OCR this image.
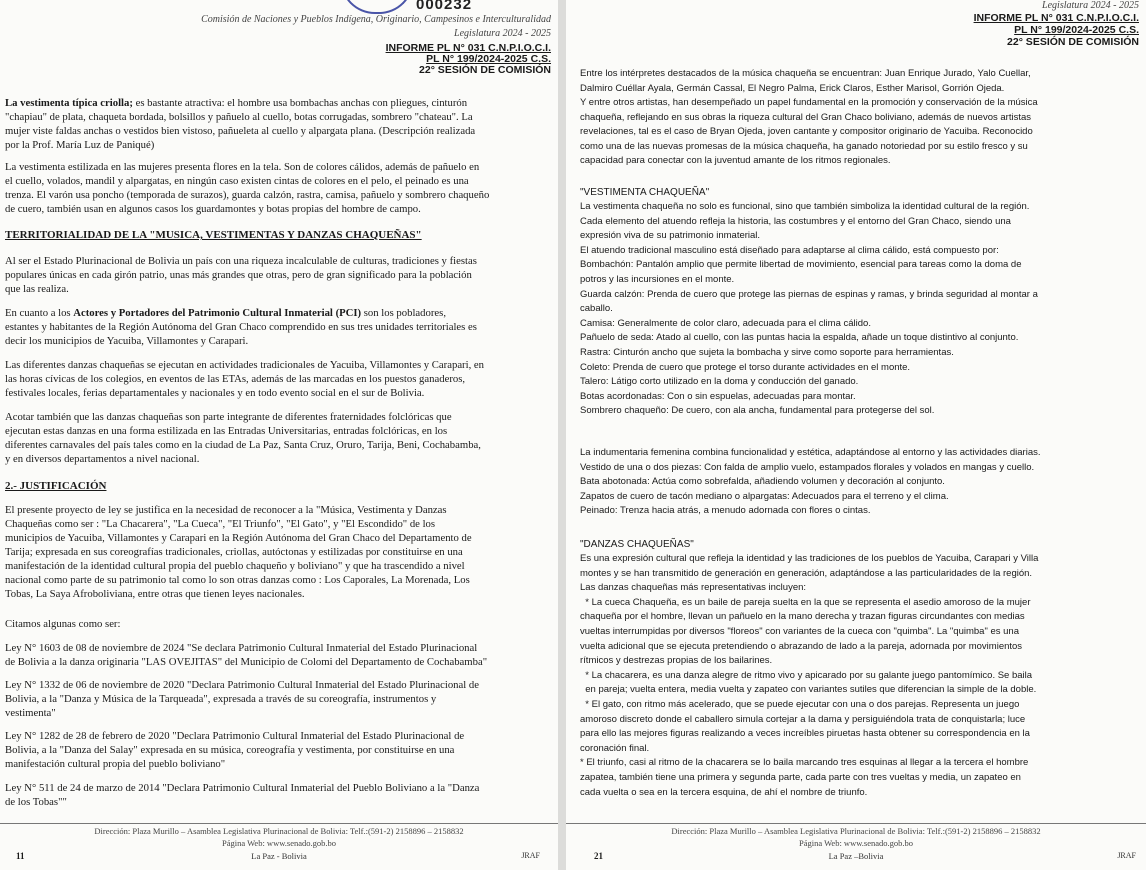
000232
Comisión de Naciones y Pueblos Indígena, Originario, Campesinos e Interculturalidad
Legislatura 2024 - 2025
INFORME PL N° 031 C.N.P.I.O.C.I.
PL N° 199/2024-2025 C.S.
22° SESIÓN DE COMISIÓN
La vestimenta típica criolla; es bastante atractiva: el hombre usa bombachas anchas con pliegues, cinturón
"chapiau" de plata, chaqueta bordada, bolsillos y pañuelo al cuello, botas corrugadas, sombrero "chateau". La
mujer viste faldas anchas o vestidos bien vistoso, pañueleta al cuello y alpargata plana. (Descripción realizada
por la Prof. María Luz de Paniqué)
La vestimenta estilizada en las mujeres presenta flores en la tela. Son de colores cálidos, además de pañuelo en
el cuello, volados, mandil y alpargatas, en ningún caso existen cintas de colores en el pelo, el peinado es una
trenza. El varón usa poncho (temporada de surazos), guarda calzón, rastra, camisa, pañuelo y sombrero chaqueño
de cuero, también usan en algunos casos los guardamontes y botas propias del hombre de campo.
TERRITORIALIDAD DE LA "MUSICA, VESTIMENTAS Y DANZAS CHAQUEÑAS"
Al ser el Estado Plurinacional de Bolivia un país con una riqueza incalculable de culturas, tradiciones y fiestas
populares únicas en cada girón patrio, unas más grandes que otras, pero de gran significado para la población
que las realiza.
En cuanto a los Actores y Portadores del Patrimonio Cultural Inmaterial (PCI) son los pobladores,
estantes y habitantes de la Región Autónoma del Gran Chaco comprendido en sus tres unidades territoriales es
decir los municipios de Yacuiba, Villamontes y Carapari.
Las diferentes danzas chaqueñas se ejecutan en actividades tradicionales de Yacuiba, Villamontes y Carapari, en
las horas cívicas de los colegios, en eventos de las ETAs, además de las marcadas en los puestos ganaderos,
festivales locales, ferias departamentales y nacionales y en todo evento social en el sur de Bolivia.
Acotar también que las danzas chaqueñas son parte integrante de diferentes fraternidades folclóricas que
ejecutan estas danzas en una forma estilizada en las Entradas Universitarias, entradas folclóricas, en los
diferentes carnavales del país tales como en la ciudad de La Paz, Santa Cruz, Oruro, Tarija, Beni, Cochabamba,
y en diversos departamentos a nivel nacional.
2.- JUSTIFICACIÓN
El presente proyecto de ley se justifica en la necesidad de reconocer a la "Música, Vestimenta y Danzas
Chaqueñas como ser : "La Chacarera", "La Cueca", "El Triunfo", "El Gato", y "El Escondido" de los
municipios de Yacuiba, Villamontes y Carapari en la Región Autónoma del Gran Chaco del Departamento de
Tarija; expresada en sus coreografías tradicionales, criollas, autóctonas y estilizadas por constituirse en una
manifestación de la identidad cultural propia del pueblo chaqueño y boliviano" y que ha trascendido a nivel
nacional como parte de su patrimonio tal como lo son otras danzas como : Los Caporales, La Morenada, Los
Tobas, La Saya Afroboliviana, entre otras que tienen leyes nacionales.
Citamos algunas como ser:
Ley N° 1603 de 08 de noviembre de 2024 "Se declara Patrimonio Cultural Inmaterial del Estado Plurinacional
de Bolivia a la danza originaria "LAS OVEJITAS" del Municipio de Colomi del Departamento de Cochabamba"
Ley N° 1332 de 06 de noviembre de 2020 "Declara Patrimonio Cultural Inmaterial del Estado Plurinacional de
Bolivia, a la "Danza y Música de la Tarqueada", expresada a través de su coreografía, instrumentos y
vestimenta"
Ley N° 1282 de 28 de febrero de 2020 "Declara Patrimonio Cultural Inmaterial del Estado Plurinacional de
Bolivia, a la "Danza del Salay" expresada en su música, coreografía y vestimenta, por constituirse en una
manifestación cultural propia del pueblo boliviano"
Ley N° 511 de 24 de marzo de 2014 "Declara Patrimonio Cultural Inmaterial del Pueblo Boliviano a la "Danza
de los Tobas""
Dirección: Plaza Murillo – Asamblea Legislativa Plurinacional de Bolivia: Telf.:(591-2) 2158896 – 2158832
Página Web: www.senado.gob.bo
La Paz - Bolivia
11	JRAF
Legislatura 2024 - 2025
INFORME PL N° 031 C.N.P.I.O.C.I.
PL N° 199/2024-2025 C.S.
22° SESIÓN DE COMISIÓN
Entre los intérpretes destacados de la música chaqueña se encuentran: Juan Enrique Jurado, Yalo Cuellar,
Dalmiro Cuéllar Ayala, Germán Cassal, El Negro Palma, Erick Claros, Esther Marisol, Gorrión Ojeda.
Y entre otros artistas, han desempeñado un papel fundamental en la promoción y conservación de la música
chaqueña, reflejando en sus obras la riqueza cultural del Gran Chaco boliviano, además de nuevos artistas
revelaciones, tal es el caso de Bryan Ojeda, joven cantante y compositor originario de Yacuiba. Reconocido
como una de las nuevas promesas de la música chaqueña, ha ganado notoriedad por su estilo fresco y su
capacidad para conectar con la juventud amante de los ritmos regionales.
"VESTIMENTA CHAQUEÑA"
La vestimenta chaqueña no solo es funcional, sino que también simboliza la identidad cultural de la región.
Cada elemento del atuendo refleja la historia, las costumbres y el entorno del Gran Chaco, siendo una
expresión viva de su patrimonio inmaterial.
El atuendo tradicional masculino está diseñado para adaptarse al clima cálido, está compuesto por:
Bombachón: Pantalón amplio que permite libertad de movimiento, esencial para tareas como la doma de
potros y las incursiones en el monte.
Guarda calzón: Prenda de cuero que protege las piernas de espinas y ramas, y brinda seguridad al montar a
caballo.
Camisa: Generalmente de color claro, adecuada para el clima cálido.
Pañuelo de seda: Atado al cuello, con las puntas hacia la espalda, añade un toque distintivo al conjunto.
Rastra: Cinturón ancho que sujeta la bombacha y sirve como soporte para herramientas.
Coleto: Prenda de cuero que protege el torso durante actividades en el monte.
Talero: Látigo corto utilizado en la doma y conducción del ganado.
Botas acordonadas: Con o sin espuelas, adecuadas para montar.
Sombrero chaqueño: De cuero, con ala ancha, fundamental para protegerse del sol.
La indumentaria femenina combina funcionalidad y estética, adaptándose al entorno y las actividades diarias.
Vestido de una o dos piezas: Con falda de amplio vuelo, estampados florales y volados en mangas y cuello.
Bata abotonada: Actúa como sobrefalda, añadiendo volumen y decoración al conjunto.
Zapatos de cuero de tacón mediano o alpargatas: Adecuados para el terreno y el clima.
Peinado: Trenza hacia atrás, a menudo adornada con flores o cintas.
"DANZAS CHAQUEÑAS"
Es una expresión cultural que refleja la identidad y las tradiciones de los pueblos de Yacuiba, Carapari y Villa
montes y se han transmitido de generación en generación, adaptándose a las particularidades de la región.
Las danzas chaqueñas más representativas incluyen:
* La cueca Chaqueña, es un baile de pareja suelta en la que se representa el asedio amoroso de la mujer
chaqueña por el hombre, llevan un pañuelo en la mano derecha y trazan figuras circundantes con medias
vueltas interrumpidas por diversos "floreos" con variantes de la cueca con "quimba". La "quimba" es una
vuelta adicional que se ejecuta pretendiendo o abrazando de lado a la pareja, adornada por movimientos
rítmicos y destrezas propias de los bailarines.
* La chacarera, es una danza alegre de ritmo vivo y apicarado por su galante juego pantomímico. Se baila
en pareja; vuelta entera, media vuelta y zapateo con variantes sutiles que diferencian la simple de la doble.
* El gato, con ritmo más acelerado, que se puede ejecutar con una o dos parejas. Representa un juego
amoroso discreto donde el caballero simula cortejar a la dama y persiguiéndola trata de conquistarla; luce
para ello las mejores figuras realizando a veces increíbles piruetas hasta obtener su correspondencia en la
coronación final.
* El triunfo, casi al ritmo de la chacarera se lo baila marcando tres esquinas al llegar a la tercera el hombre
zapatea, también tiene una primera y segunda parte, cada parte con tres vueltas y media, un zapateo en
cada vuelta o sea en la tercera esquina, de ahí el nombre de triunfo.
Dirección: Plaza Murillo – Asamblea Legislativa Plurinacional de Bolivia: Telf.:(591-2) 2158896 – 2158832
Página Web: www.senado.gob.bo
La Paz –Bolivia
21	JRAF
